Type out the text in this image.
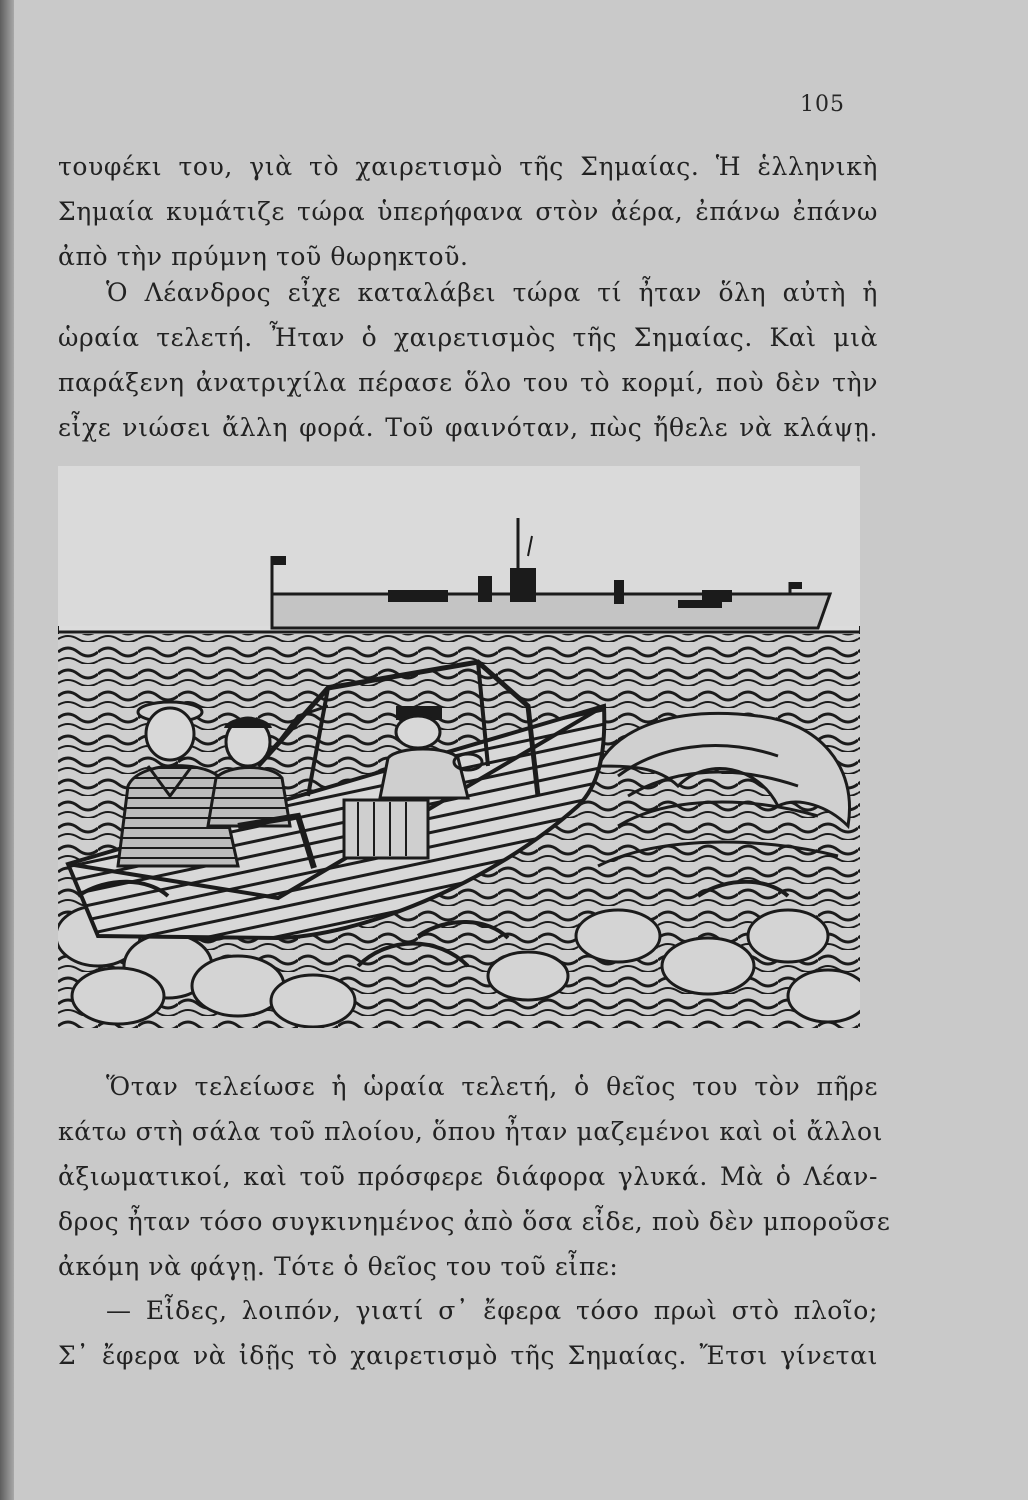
105
τουφέκι του, γιὰ τὸ χαιρετισμὸ τῆς Σημαίας. Ἡ ἑλληνικὴ
Σημαία κυμάτιζε τώρα ὑπερήφανα στὸν ἀέρα, ἐπάνω ἐπάνω
ἀπὸ τὴν πρύμνη τοῦ θωρηκτοῦ.
Ὁ Λέανδρος εἶχε καταλάβει τώρα τί ἦταν ὅλη αὐτὴ ἡ
ὡραία τελετή. Ἦταν ὁ χαιρετισμὸς τῆς Σημαίας. Καὶ μιὰ
παράξενη ἀνατριχίλα πέρασε ὅλο του τὸ κορμί, ποὺ δὲν τὴν
εἶχε νιώσει ἄλλη φορά. Τοῦ φαινόταν, πὼς ἤθελε νὰ κλάψῃ.
Ὅταν τελείωσε ἡ ὡραία τελετή, ὁ θεῖος του τὸν πῆρε
κάτω στὴ σάλα τοῦ πλοίου, ὅπου ἦταν μαζεμένοι καὶ οἱ ἄλλοι
ἀξιωματικοί, καὶ τοῦ πρόσφερε διάφορα γλυκά. Μὰ ὁ Λέαν-
δρος ἦταν τόσο συγκινημένος ἀπὸ ὅσα εἶδε, ποὺ δὲν μποροῦσε
ἀκόμη νὰ φάγῃ. Τότε ὁ θεῖος του τοῦ εἶπε:
— Εἶδες, λοιπόν, γιατί σ᾽ ἔφερα τόσο πρωὶ στὸ πλοῖο;
Σ᾽ ἔφερα νὰ ἰδῇς τὸ χαιρετισμὸ τῆς Σημαίας. Ἔτσι γίνεται
